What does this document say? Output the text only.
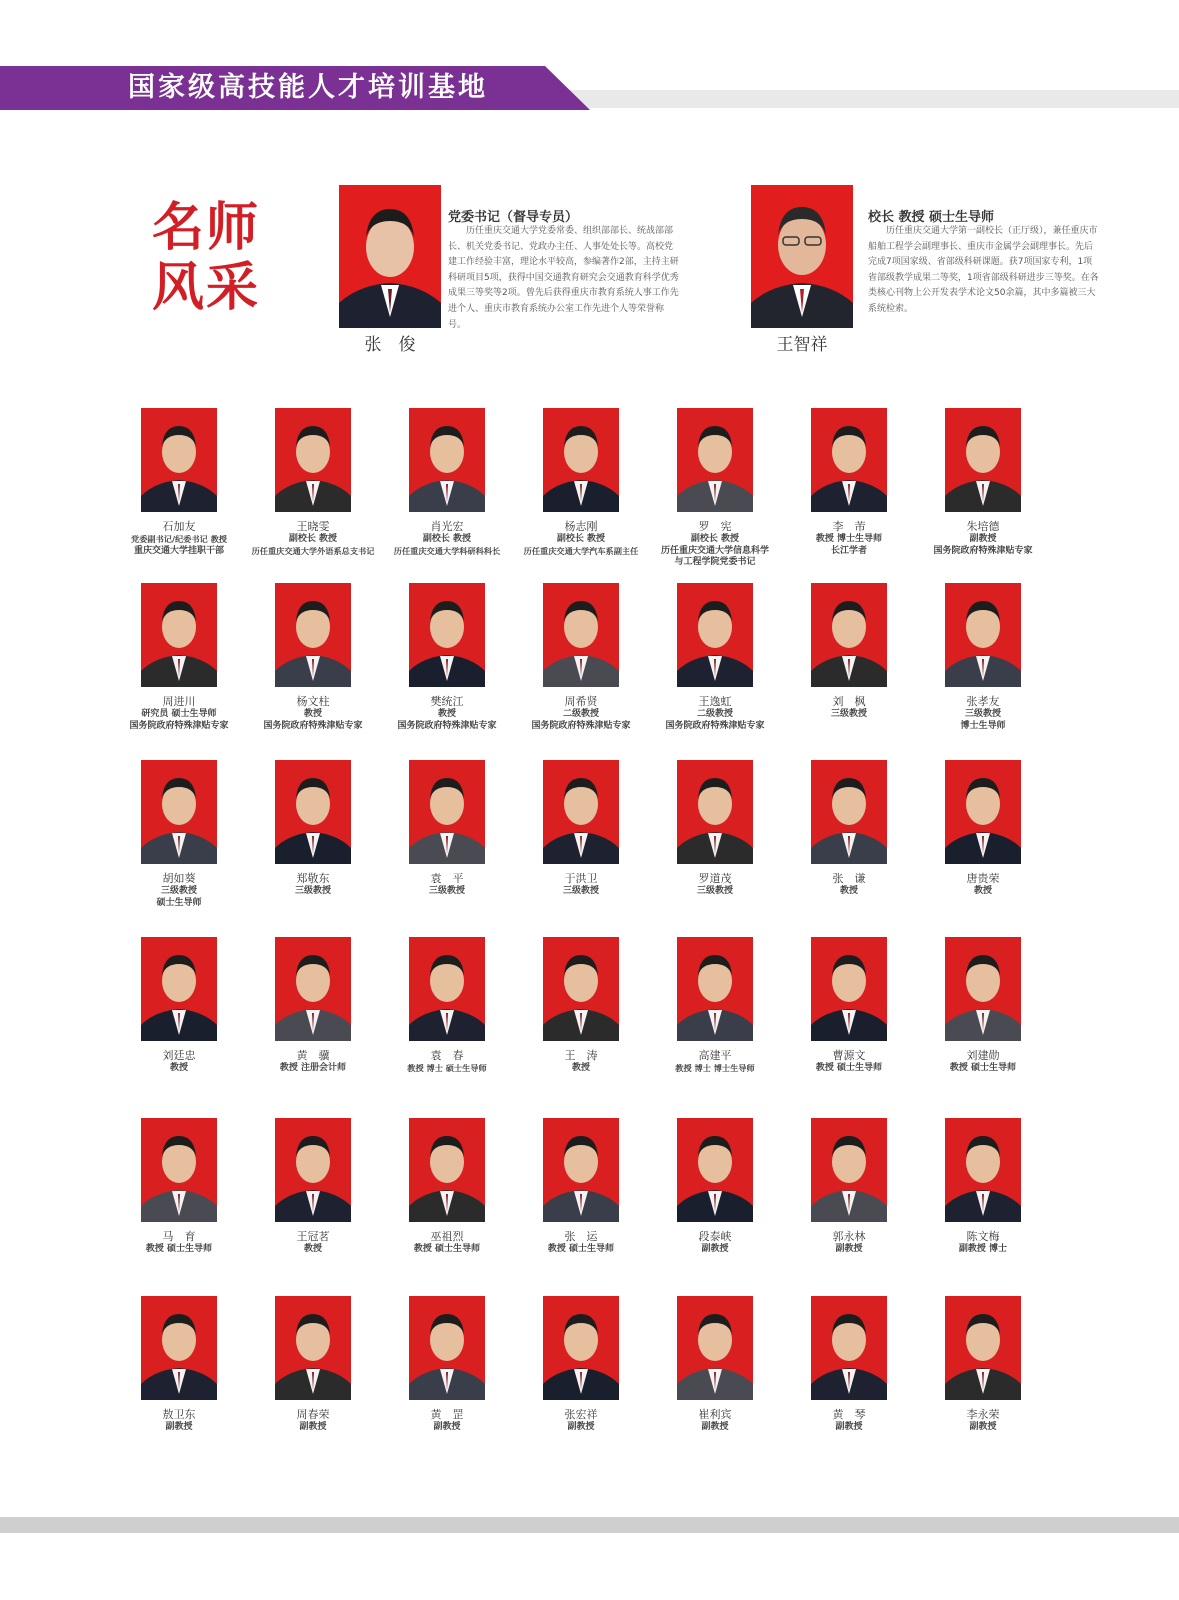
国家级高技能人才培训基地
名师
风采
张　俊
党委书记（督导专员）
历任重庆交通大学党委常委、组织部部长、统战部部长、机关党委书记、党政办主任、人事处处长等。高校党建工作经验丰富，理论水平较高，参编著作2部，主持主研科研项目5项，获得中国交通教育研究会交通教育科学优秀成果三等奖等2项。曾先后获得重庆市教育系统人事工作先进个人、重庆市教育系统办公室工作先进个人等荣誉称号。
王智祥
校长 教授 硕士生导师
历任重庆交通大学第一副校长（正厅级），兼任重庆市船舶工程学会副理事长、重庆市金属学会副理事长。先后完成7项国家级、省部级科研课题。获7项国家专利，1项省部级教学成果二等奖，1项省部级科研进步三等奖。在各类核心刊物上公开发表学术论文50余篇，其中多篇被三大系统检索。
石加友
党委副书记/纪委书记 教授
重庆交通大学挂职干部
王晓雯
副校长 教授
历任重庆交通大学外语系总支书记
肖光宏
副校长 教授
历任重庆交通大学科研科科长
杨志刚
副校长 教授
历任重庆交通大学汽车系副主任
罗　宪
副校长 教授
历任重庆交通大学信息科学
与工程学院党委书记
李　芾
教授 博士生导师
长江学者
朱培德
副教授
国务院政府特殊津贴专家
周进川
研究员 硕士生导师
国务院政府特殊津贴专家
杨文柱
教授
国务院政府特殊津贴专家
樊统江
教授
国务院政府特殊津贴专家
周希贤
二级教授
国务院政府特殊津贴专家
王逸虹
二级教授
国务院政府特殊津贴专家
刘　枫
三级教授
张孝友
三级教授
博士生导师
胡如葵
三级教授
硕士生导师
郑敬东
三级教授
袁　平
三级教授
于洪卫
三级教授
罗道茂
三级教授
张　谦
教授
唐贵荣
教授
刘廷忠
教授
黄　骥
教授 注册会计师
袁　春
教授 博士 硕士生导师
王　涛
教授
高建平
教授 博士 博士生导师
曹源文
教授 硕士生导师
刘建勋
教授 硕士生导师
马　育
教授 硕士生导师
王冠茗
教授
巫祖烈
教授 硕士生导师
张　运
教授 硕士生导师
段泰峡
副教授
郭永林
副教授
陈文梅
副教授 博士
敖卫东
副教授
周春荣
副教授
黄　罡
副教授
张宏祥
副教授
崔利宾
副教授
黄　琴
副教授
李永荣
副教授
